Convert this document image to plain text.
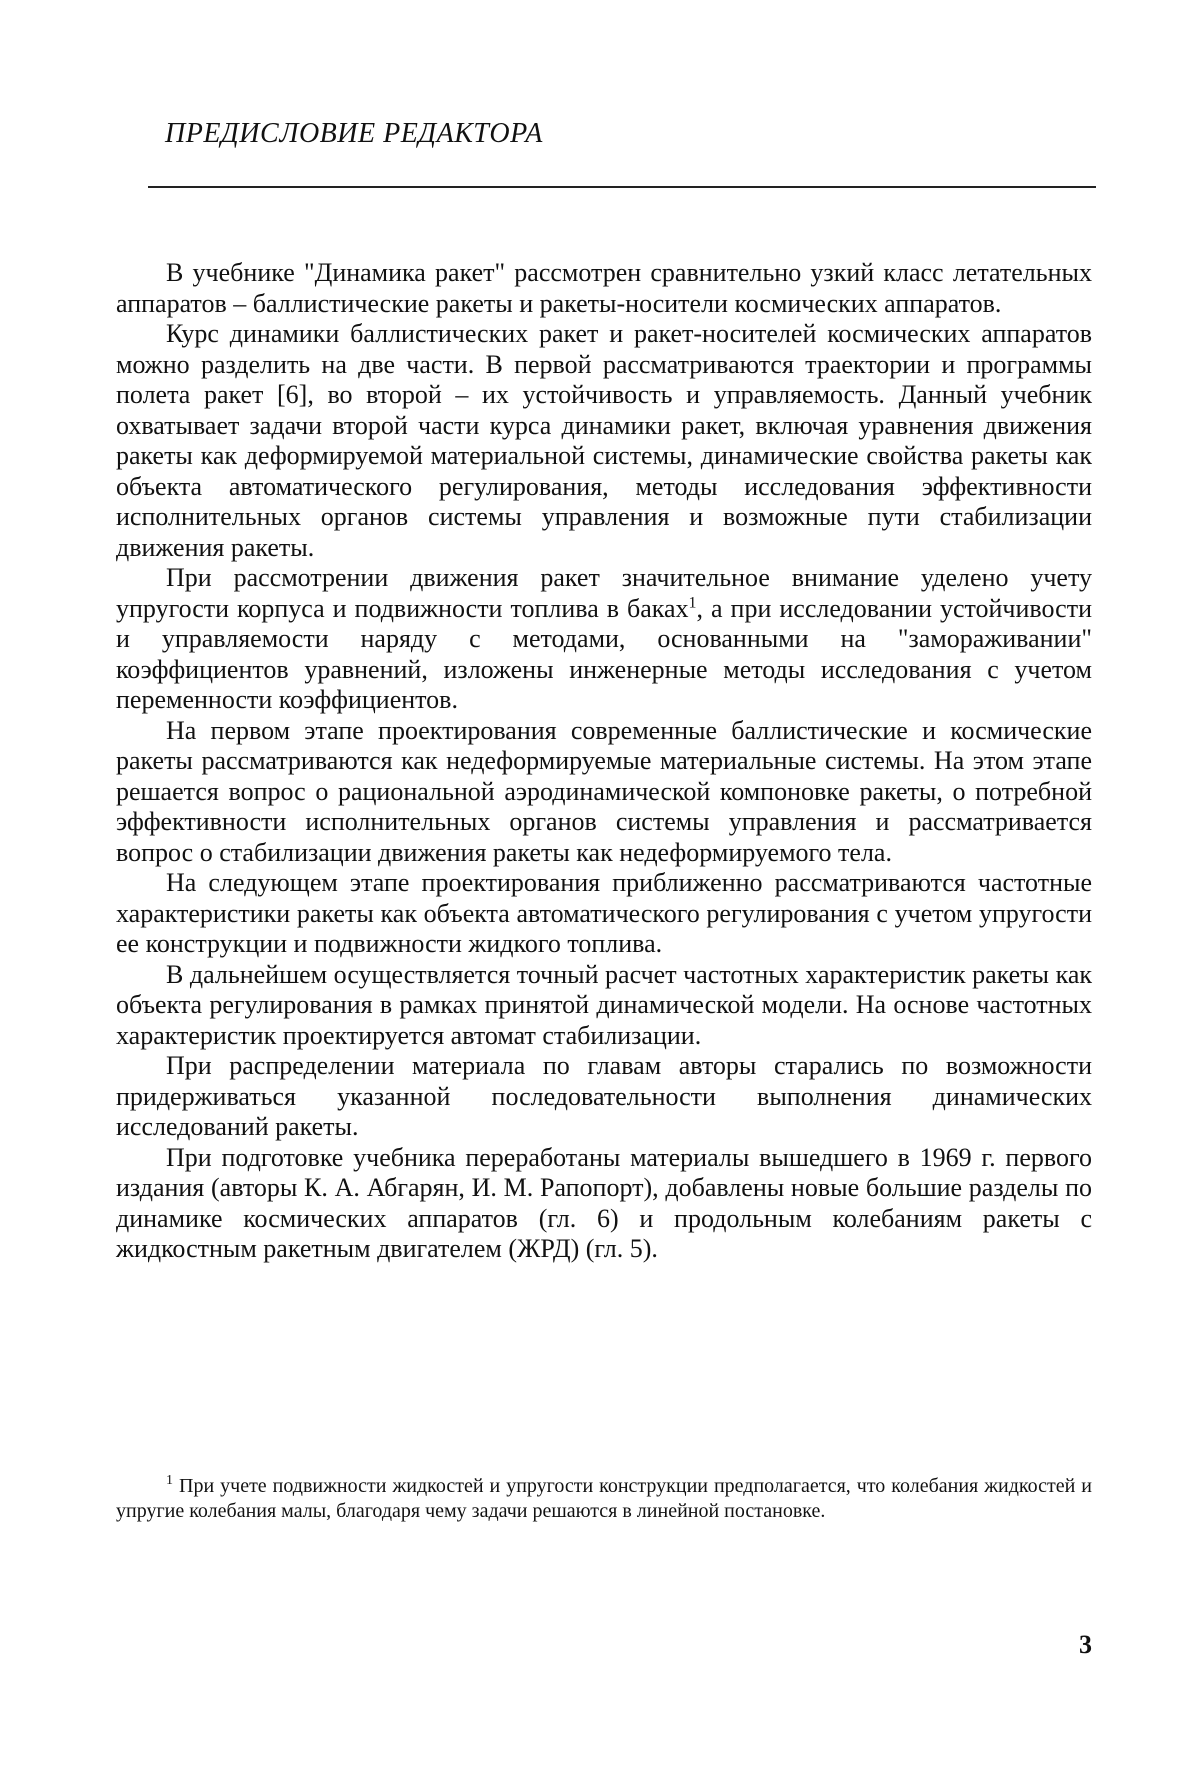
ПРЕДИСЛОВИЕ РЕДАКТОРА

В учебнике "Динамика ракет" рассмотрен сравнительно узкий класс летательных аппаратов – баллистические ракеты и ракеты-носители космических аппаратов.

Курс динамики баллистических ракет и ракет-носителей космических аппаратов можно разделить на две части. В первой рассматриваются траектории и программы полета ракет [6], во второй – их устойчивость и управляемость. Данный учебник охватывает задачи второй части курса динамики ракет, включая уравнения движения ракеты как деформируемой материальной системы, динамические свойства ракеты как объекта автоматического регулирования, методы исследования эффективности исполнительных органов системы управления и возможные пути стабилизации движения ракеты.

При рассмотрении движения ракет значительное внимание уделено учету упругости корпуса и подвижности топлива в баках$^1$, а при исследовании устойчивости и управляемости наряду с методами, основанными на "замораживании" коэффициентов уравнений, изложены инженерные методы исследования с учетом переменности коэффициентов.

На первом этапе проектирования современные баллистические и космические ракеты рассматриваются как недеформируемые материальные системы. На этом этапе решается вопрос о рациональной аэродинамической компоновке ракеты, о потребной эффективности исполнительных органов системы управления и рассматривается вопрос о стабилизации движения ракеты как недеформируемого тела.

На следующем этапе проектирования приближенно рассматриваются частотные характеристики ракеты как объекта автоматического регулирования с учетом упругости ее конструкции и подвижности жидкого топлива.

В дальнейшем осуществляется точный расчет частотных характеристик ракеты как объекта регулирования в рамках принятой динамической модели. На основе частотных характеристик проектируется автомат стабилизации.

При распределении материала по главам авторы старались по возможности придерживаться указанной последовательности выполнения динамических исследований ракеты.

При подготовке учебника переработаны материалы вышедшего в 1969 г. первого издания (авторы К. А. Абгарян, И. М. Рапопорт), добавлены новые большие разделы по динамике космических аппаратов (гл. 6) и продольным колебаниям ракеты с жидкостным ракетным двигателем (ЖРД) (гл. 5).

$^1$ При учете подвижности жидкостей и упругости конструкции предполагается, что колебания жидкостей и упругие колебания малы, благодаря чему задачи решаются в линейной постановке.

3
